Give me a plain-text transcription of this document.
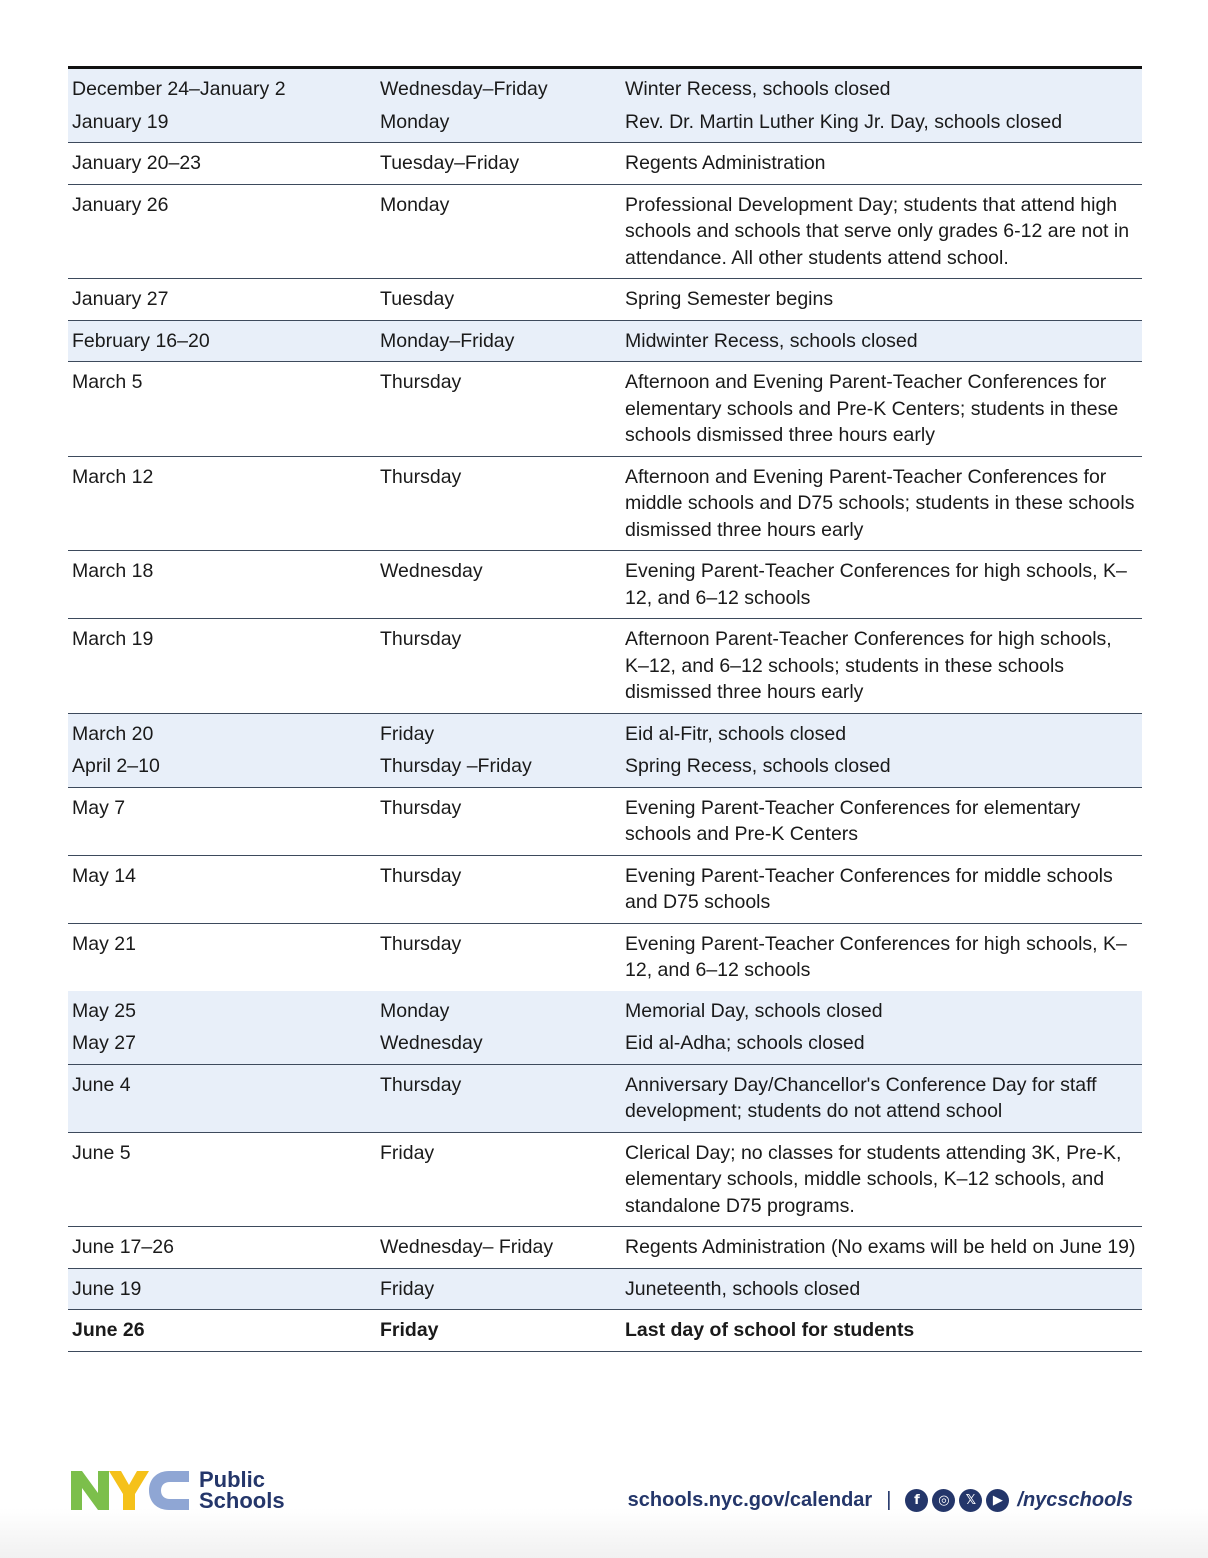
December 24–January 2	Wednesday–Friday	Winter Recess, schools closed
January 19	Monday	Rev. Dr. Martin Luther King Jr. Day, schools closed
January 20–23	Tuesday–Friday	Regents Administration
January 26	Monday	Professional Development Day; students that attend high schools and schools that serve only grades 6-12 are not in attendance. All other students attend school.
January 27	Tuesday	Spring Semester begins
February 16–20	Monday–Friday	Midwinter Recess, schools closed
March 5	Thursday	Afternoon and Evening Parent-Teacher Conferences for elementary schools and Pre-K Centers; students in these schools dismissed three hours early
March 12	Thursday	Afternoon and Evening Parent-Teacher Conferences for middle schools and D75 schools; students in these schools dismissed three hours early
March 18	Wednesday	Evening Parent-Teacher Conferences for high schools, K–12, and 6–12 schools
March 19	Thursday	Afternoon Parent-Teacher Conferences for high schools, K–12, and 6–12 schools; students in these schools dismissed three hours early
March 20	Friday	Eid al-Fitr, schools closed
April 2–10	Thursday –Friday	Spring Recess, schools closed
May 7	Thursday	Evening Parent-Teacher Conferences for elementary schools and Pre-K Centers
May 14	Thursday	Evening Parent-Teacher Conferences for middle schools and D75 schools
May 21	Thursday	Evening Parent-Teacher Conferences for high schools, K–12, and 6–12 schools
May 25	Monday	Memorial Day, schools closed
May 27	Wednesday	Eid al-Adha; schools closed
June 4	Thursday	Anniversary Day/Chancellor's Conference Day for staff development; students do not attend school
June 5	Friday	Clerical Day; no classes for students attending 3K, Pre-K, elementary schools, middle schools, K–12 schools, and standalone D75 programs.
June 17–26	Wednesday– Friday	Regents Administration (No exams will be held on June 19)
June 19	Friday	Juneteenth, schools closed
June 26	Friday	Last day of school for students
Public
Schools	schools.nyc.gov/calendar |	f	◎	𝕏	▶ /nycschools
